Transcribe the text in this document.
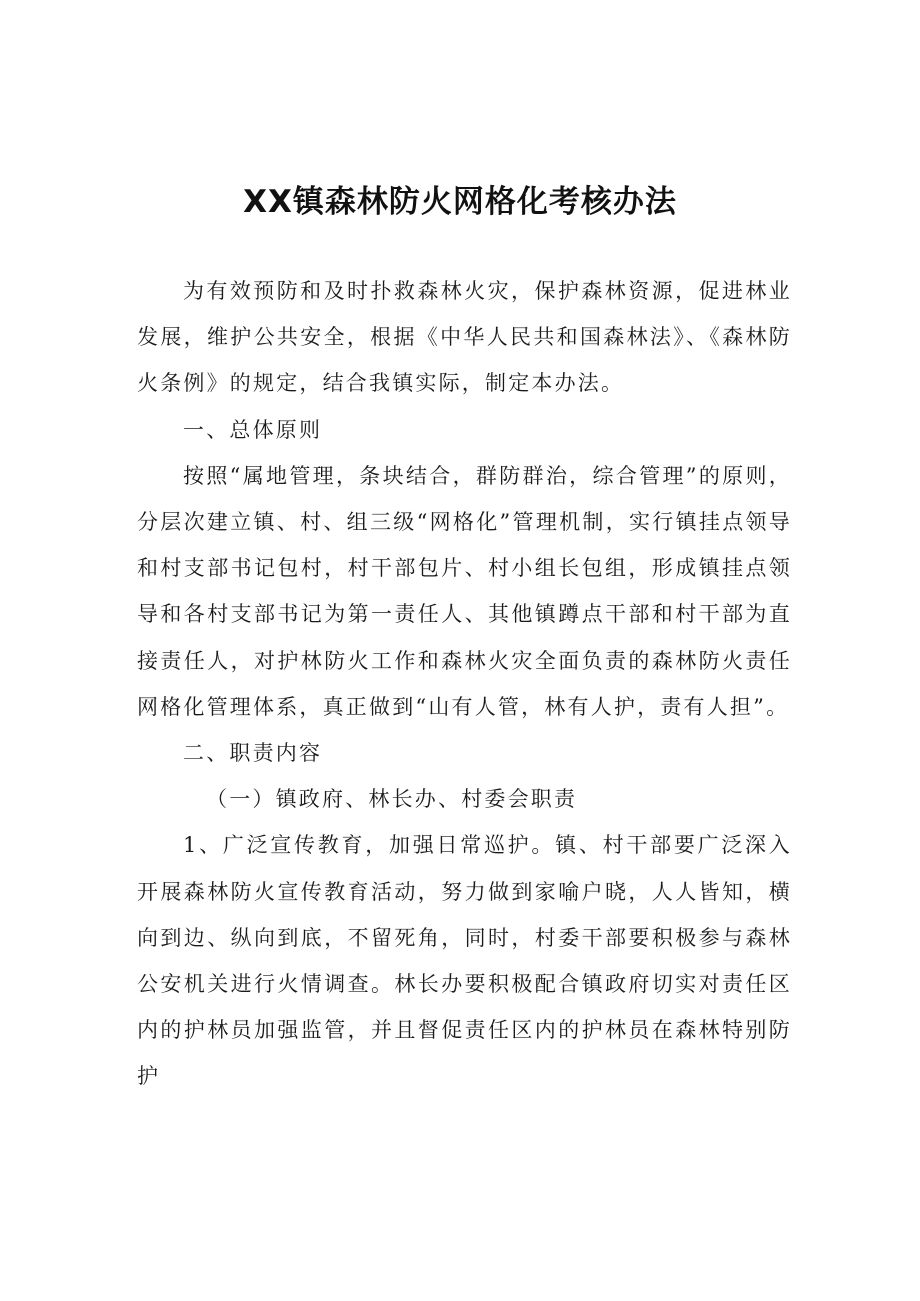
XX镇森林防火网格化考核办法

为有效预防和及时扑救森林火灾，保护森林资源，促进林业发展，维护公共安全，根据《中华人民共和国森林法》、《森林防火条例》的规定，结合我镇实际，制定本办法。

一、总体原则

按照“属地管理，条块结合，群防群治，综合管理”的原则，分层次建立镇、村、组三级“网格化”管理机制，实行镇挂点领导和村支部书记包村，村干部包片、村小组长包组，形成镇挂点领导和各村支部书记为第一责任人、其他镇蹲点干部和村干部为直接责任人，对护林防火工作和森林火灾全面负责的森林防火责任网格化管理体系，真正做到“山有人管，林有人护，责有人担”。

二、职责内容

（一）镇政府、林长办、村委会职责

1、广泛宣传教育，加强日常巡护。镇、村干部要广泛深入开展森林防火宣传教育活动，努力做到家喻户晓，人人皆知，横向到边、纵向到底，不留死角，同时，村委干部要积极参与森林公安机关进行火情调查。林长办要积极配合镇政府切实对责任区内的护林员加强监管，并且督促责任区内的护林员在森林特别防护
